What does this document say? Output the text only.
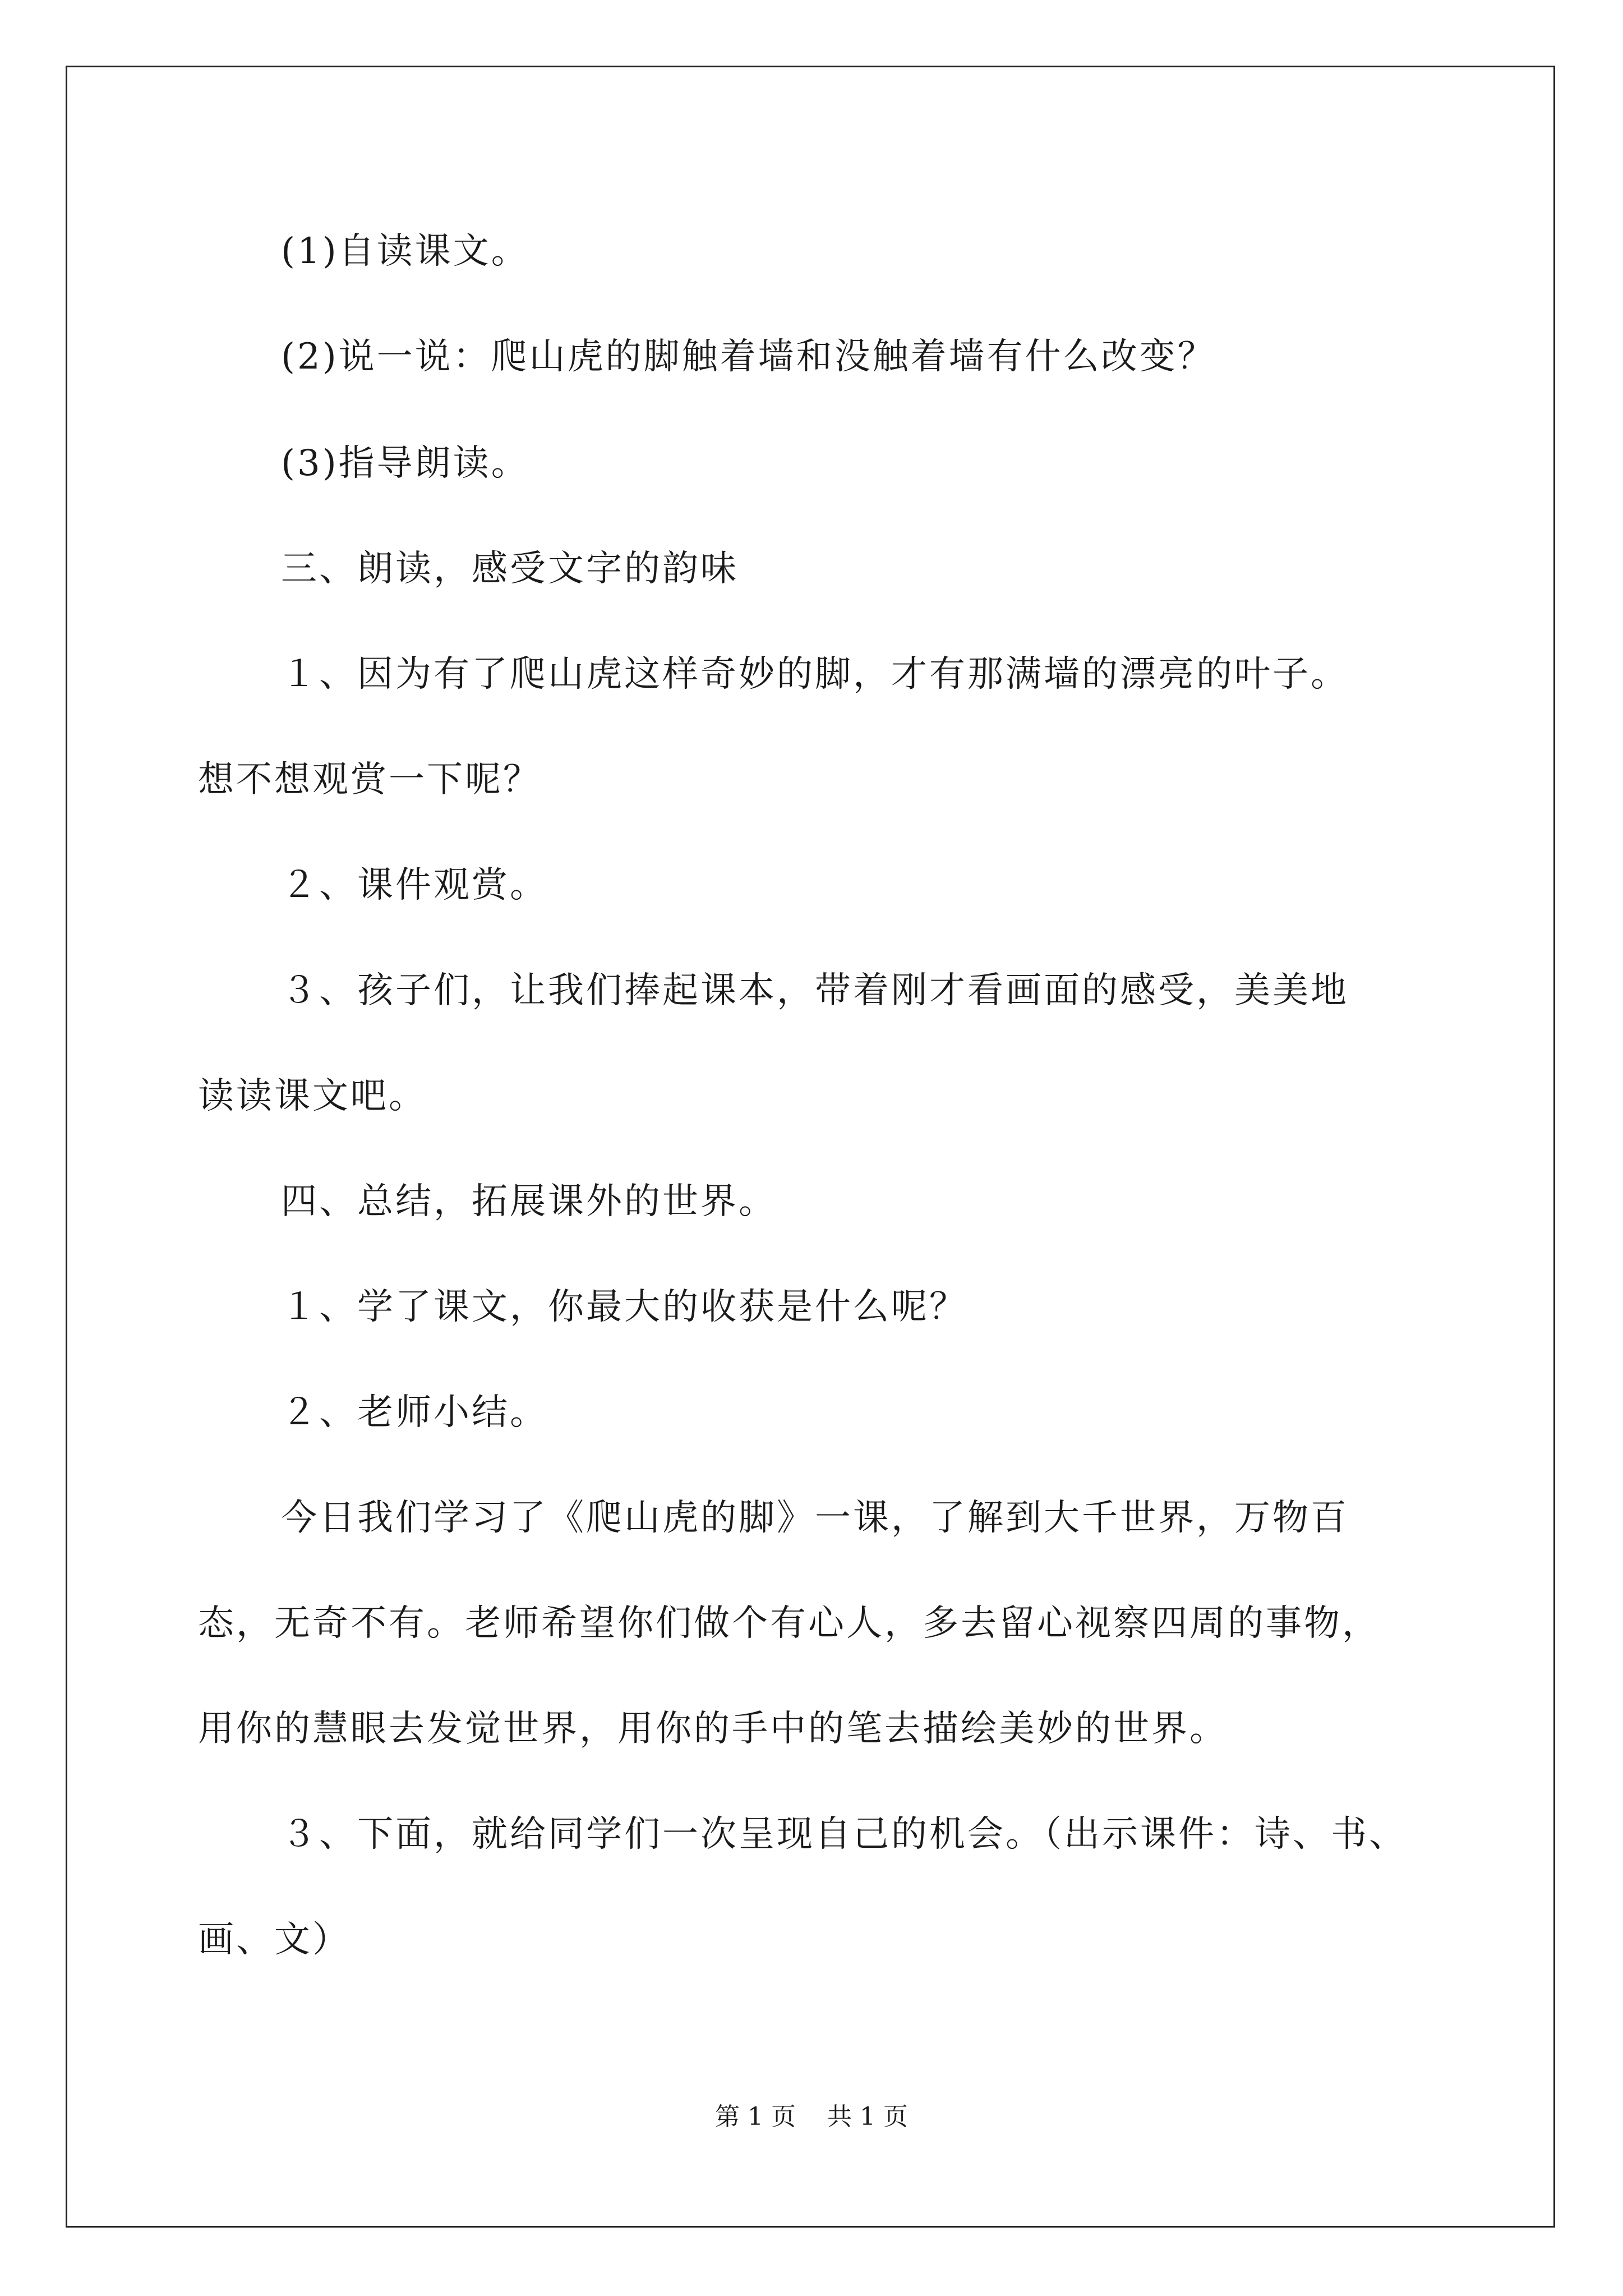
(1)自读课文。
(2)说一说：爬山虎的脚触着墙和没触着墙有什么改变？
(3)指导朗读。
三、朗读，感受文字的韵味
１、因为有了爬山虎这样奇妙的脚，才有那满墙的漂亮的叶子。
想不想观赏一下呢？
２、课件观赏。
３、孩子们，让我们捧起课本，带着刚才看画面的感受，美美地
读读课文吧。
四、总结，拓展课外的世界。
１、学了课文，你最大的收获是什么呢？
２、老师小结。
今日我们学习了《爬山虎的脚》一课，了解到大千世界，万物百
态，无奇不有。老师希望你们做个有心人，多去留心视察四周的事物，
用你的慧眼去发觉世界，用你的手中的笔去描绘美妙的世界。
３、下面，就给同学们一次呈现自己的机会。（出示课件：诗、书、
画、文）
第 1 页    共 1 页
